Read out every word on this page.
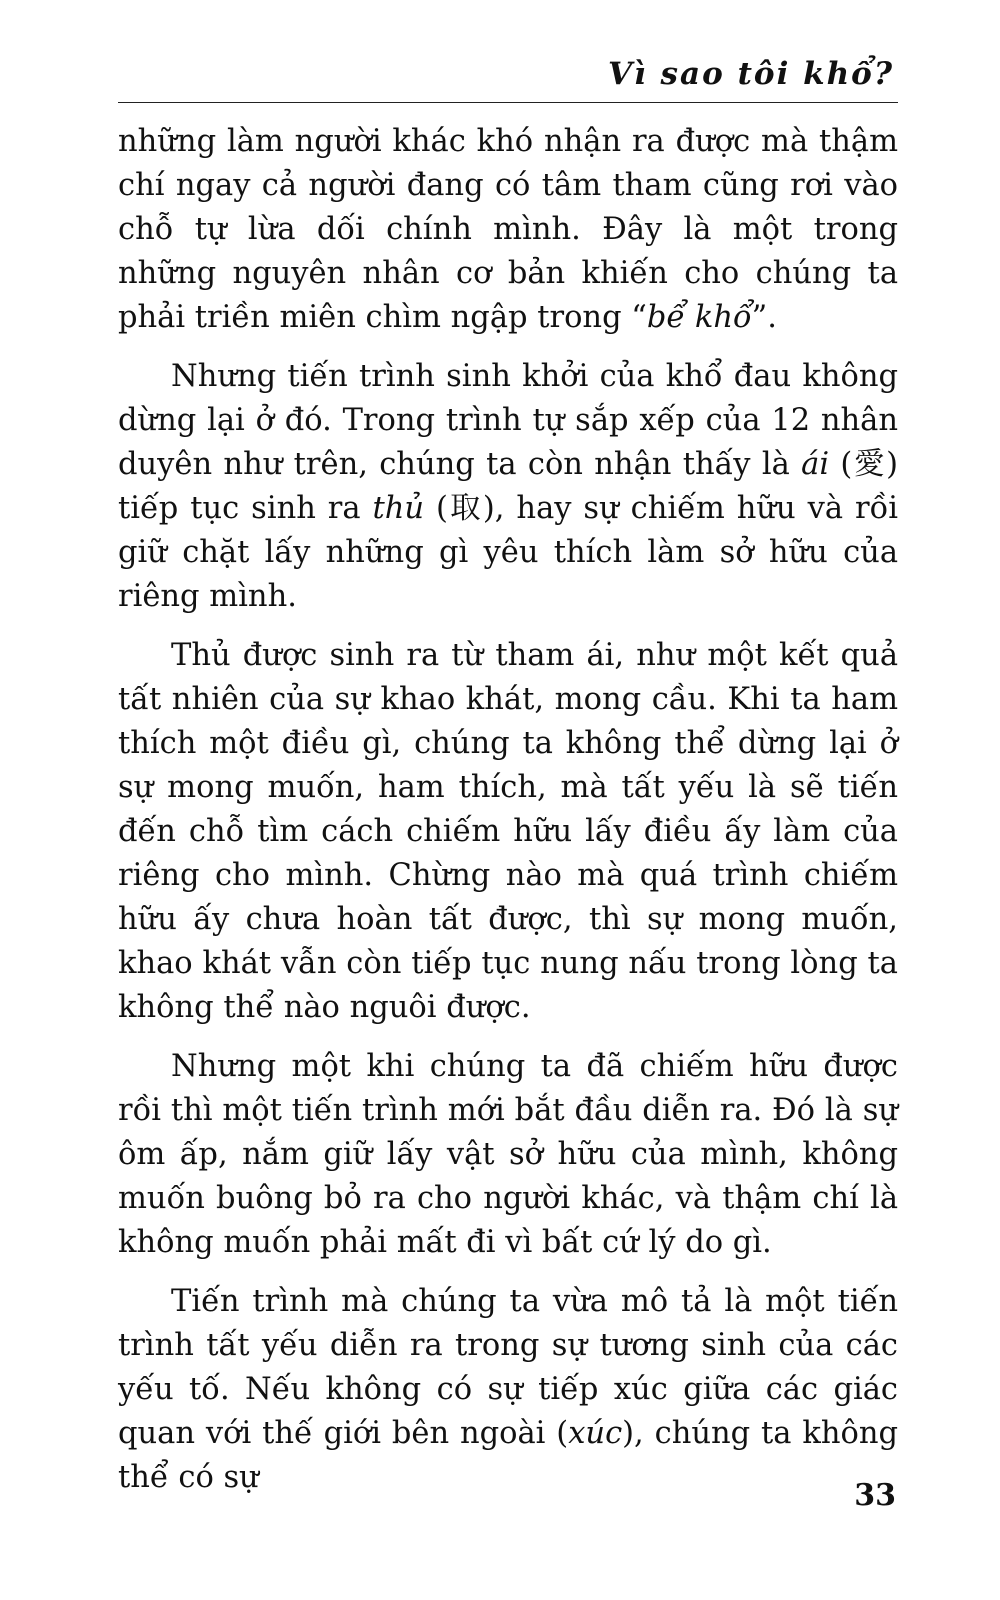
Vì sao tôi khổ?

những làm người khác khó nhận ra được mà thậm chí ngay cả người đang có tâm tham cũng rơi vào chỗ tự lừa dối chính mình. Đây là một trong những nguyên nhân cơ bản khiến cho chúng ta phải triền miên chìm ngập trong “bể khổ”.

Nhưng tiến trình sinh khởi của khổ đau không dừng lại ở đó. Trong trình tự sắp xếp của 12 nhân duyên như trên, chúng ta còn nhận thấy là ái (愛) tiếp tục sinh ra thủ (取), hay sự chiếm hữu và rồi giữ chặt lấy những gì yêu thích làm sở hữu của riêng mình.

Thủ được sinh ra từ tham ái, như một kết quả tất nhiên của sự khao khát, mong cầu. Khi ta ham thích một điều gì, chúng ta không thể dừng lại ở sự mong muốn, ham thích, mà tất yếu là sẽ tiến đến chỗ tìm cách chiếm hữu lấy điều ấy làm của riêng cho mình. Chừng nào mà quá trình chiếm hữu ấy chưa hoàn tất được, thì sự mong muốn, khao khát vẫn còn tiếp tục nung nấu trong lòng ta không thể nào nguôi được.

Nhưng một khi chúng ta đã chiếm hữu được rồi thì một tiến trình mới bắt đầu diễn ra. Đó là sự ôm ấp, nắm giữ lấy vật sở hữu của mình, không muốn buông bỏ ra cho người khác, và thậm chí là không muốn phải mất đi vì bất cứ lý do gì.

Tiến trình mà chúng ta vừa mô tả là một tiến trình tất yếu diễn ra trong sự tương sinh của các yếu tố. Nếu không có sự tiếp xúc giữa các giác quan với thế giới bên ngoài (xúc), chúng ta không thể có sự

33
